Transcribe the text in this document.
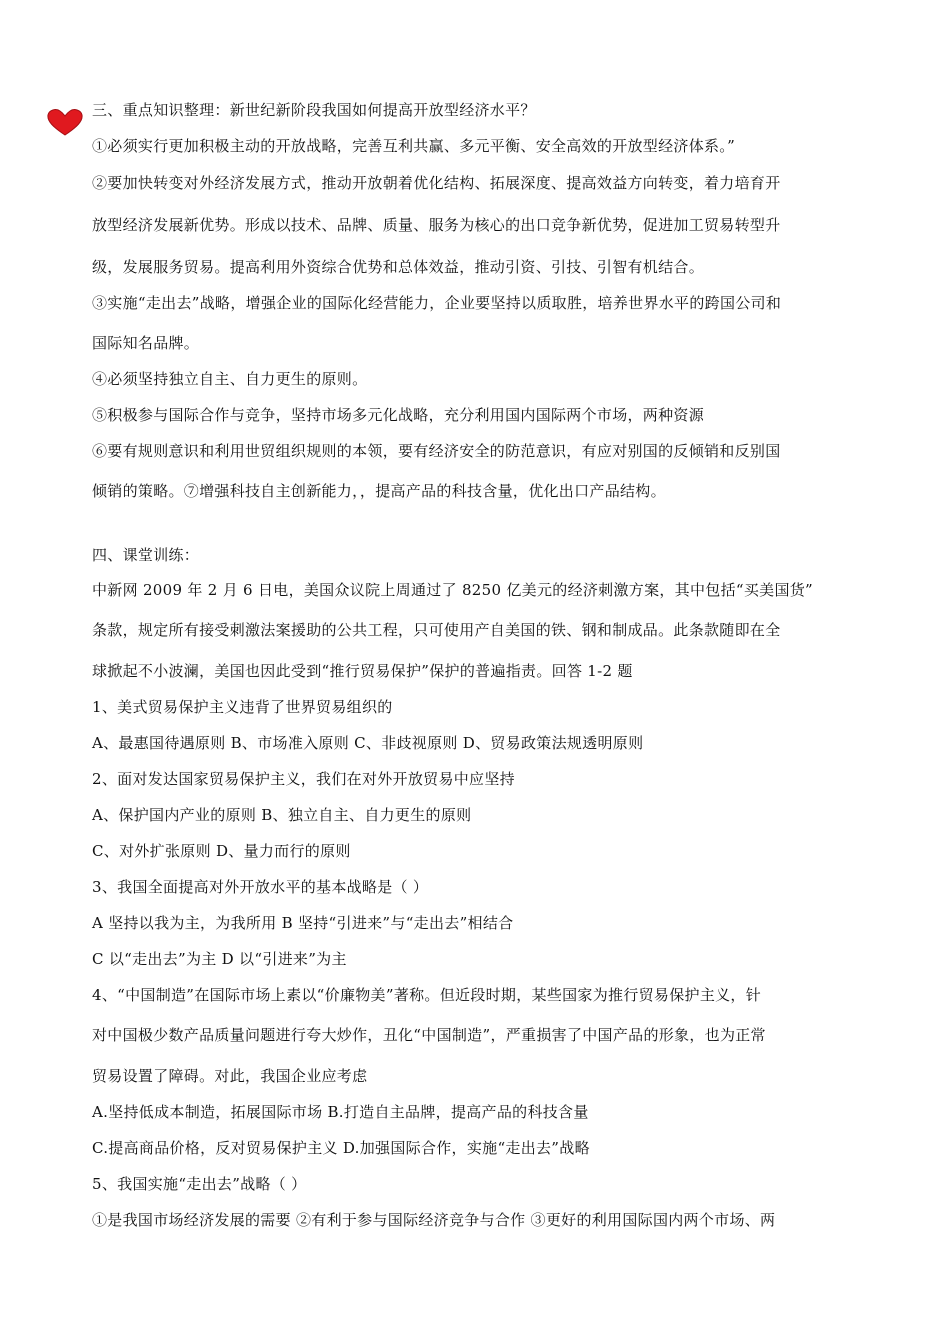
三、重点知识整理：新世纪新阶段我国如何提高开放型经济水平？
①必须实行更加积极主动的开放战略，完善互利共赢、多元平衡、安全高效的开放型经济体系。”
②要加快转变对外经济发展方式，推动开放朝着优化结构、拓展深度、提高效益方向转变，着力培育开
放型经济发展新优势。形成以技术、品牌、质量、服务为核心的出口竞争新优势，促进加工贸易转型升
级，发展服务贸易。提高利用外资综合优势和总体效益，推动引资、引技、引智有机结合。
③实施“走出去”战略，增强企业的国际化经营能力，企业要坚持以质取胜，培养世界水平的跨国公司和
国际知名品牌。
④必须坚持独立自主、自力更生的原则。
⑤积极参与国际合作与竞争，坚持市场多元化战略，充分利用国内国际两个市场，两种资源
⑥要有规则意识和利用世贸组织规则的本领，要有经济安全的防范意识，有应对别国的反倾销和反别国
倾销的策略。⑦增强科技自主创新能力，，提高产品的科技含量，优化出口产品结构。
四、课堂训练：
中新网 2009 年 2 月 6 日电，美国众议院上周通过了 8250 亿美元的经济刺激方案，其中包括“买美国货”
条款，规定所有接受刺激法案援助的公共工程，只可使用产自美国的铁、钢和制成品。此条款随即在全
球掀起不小波澜，美国也因此受到“推行贸易保护”保护的普遍指责。回答 1-2 题
1、美式贸易保护主义违背了世界贸易组织的
A、最惠国待遇原则 B、市场准入原则 C、非歧视原则 D、贸易政策法规透明原则
2、面对发达国家贸易保护主义，我们在对外开放贸易中应坚持
A、保护国内产业的原则 B、独立自主、自力更生的原则
C、对外扩张原则 D、量力而行的原则
3、我国全面提高对外开放水平的基本战略是（ ）
A 坚持以我为主，为我所用 B 坚持“引进来”与“走出去”相结合
C 以“走出去”为主 D 以“引进来”为主
4、“中国制造”在国际市场上素以“价廉物美”著称。但近段时期，某些国家为推行贸易保护主义，针
对中国极少数产品质量问题进行夸大炒作，丑化“中国制造”，严重损害了中国产品的形象，也为正常
贸易设置了障碍。对此，我国企业应考虑
A.坚持低成本制造，拓展国际市场 B.打造自主品牌，提高产品的科技含量
C.提高商品价格，反对贸易保护主义 D.加强国际合作，实施“走出去”战略
5、我国实施“走出去”战略（ ）
①是我国市场经济发展的需要 ②有利于参与国际经济竞争与合作 ③更好的利用国际国内两个市场、两
